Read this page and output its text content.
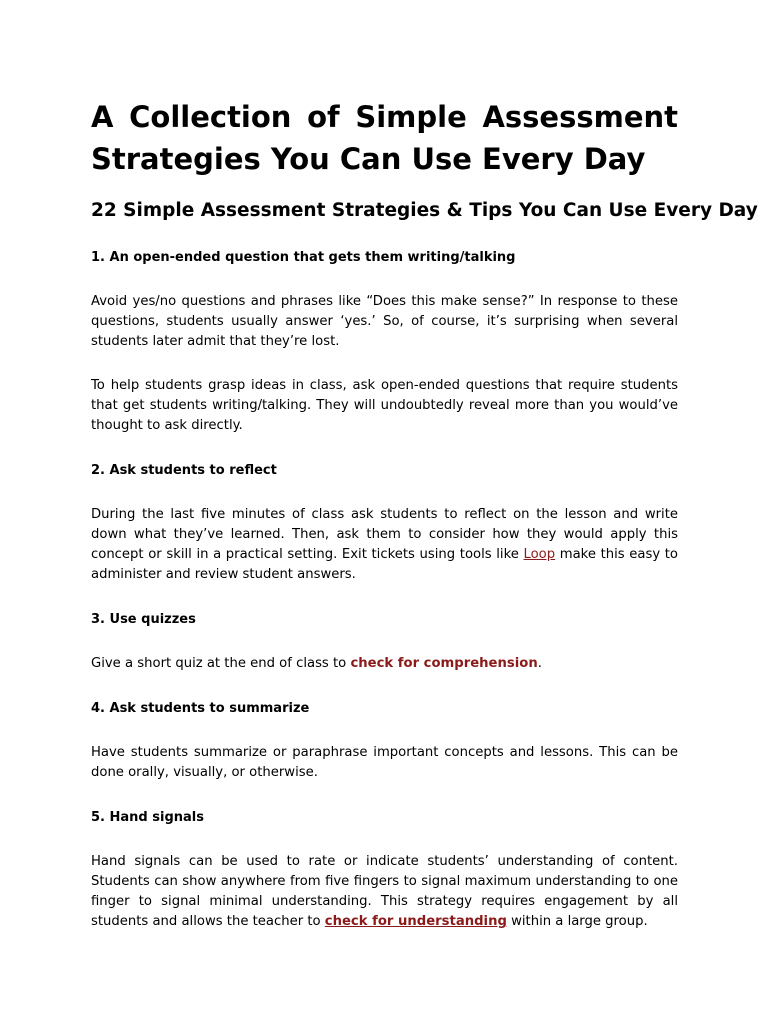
A Collection of Simple Assessment Strategies You Can Use Every Day
22 Simple Assessment Strategies & Tips You Can Use Every Day
1. An open-ended question that gets them writing/talking

Avoid yes/no questions and phrases like “Does this make sense?” In response to these questions, students usually answer ‘yes.’ So, of course, it’s surprising when several students later admit that they’re lost.

To help students grasp ideas in class, ask open-ended questions that require students that get students writing/talking. They will undoubtedly reveal more than you would’ve thought to ask directly.

2. Ask students to reflect

During the last five minutes of class ask students to reflect on the lesson and write down what they’ve learned. Then, ask them to consider how they would apply this concept or skill in a practical setting. Exit tickets using tools like Loop make this easy to administer and review student answers.

3. Use quizzes

Give a short quiz at the end of class to check for comprehension.

4. Ask students to summarize

Have students summarize or paraphrase important concepts and lessons. This can be done orally, visually, or otherwise.

5. Hand signals

Hand signals can be used to rate or indicate students’ understanding of content. Students can show anywhere from five fingers to signal maximum understanding to one finger to signal minimal understanding. This strategy requires engagement by all students and allows the teacher to check for understanding within a large group.
